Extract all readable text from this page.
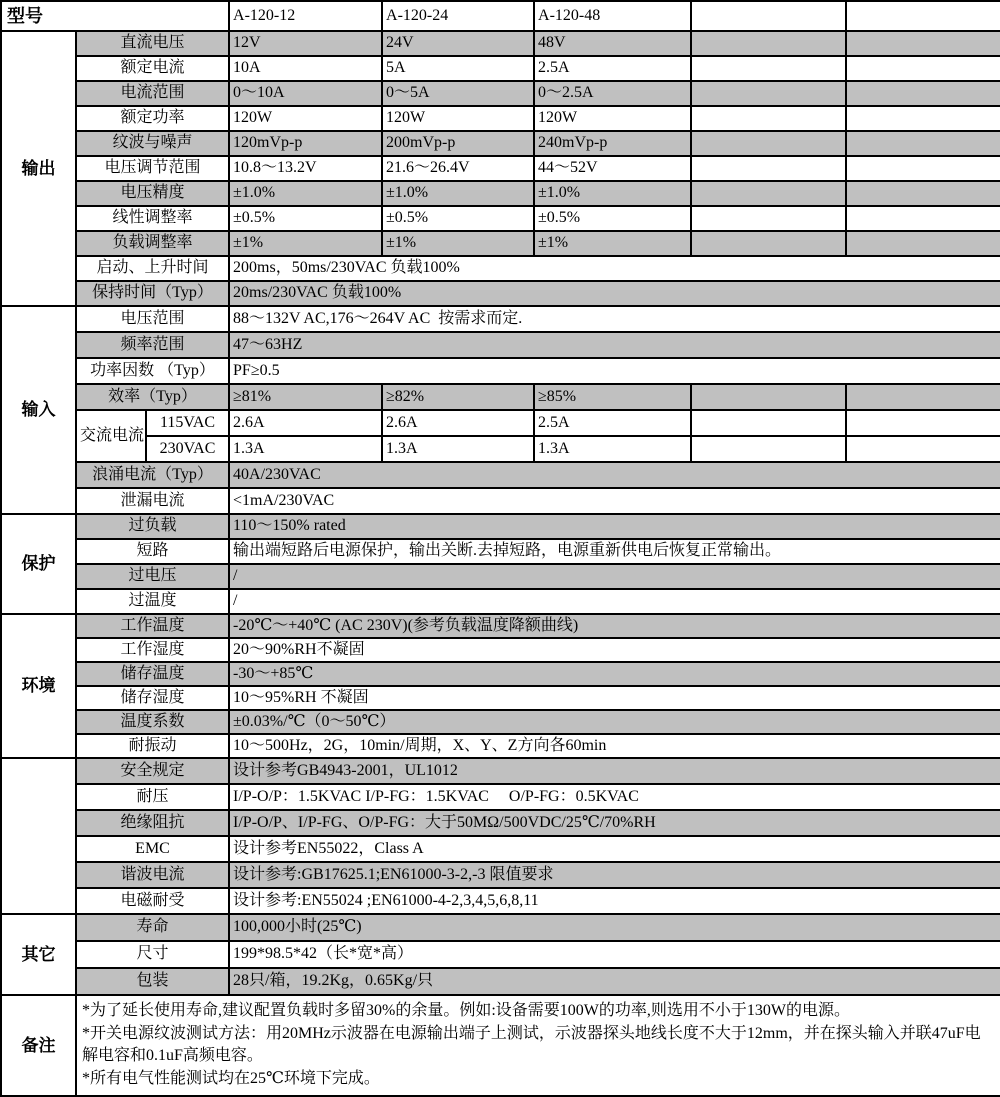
型号			A-120-12	A-120-24	A-120-48		
输出	直流电压		12V	24V	48V		
	额定电流		10A	5A	2.5A		
	电流范围		0～10A	0～5A	0～2.5A		
	额定功率		120W	120W	120W		
	纹波与噪声		120mVp-p	200mVp-p	240mVp-p		
	电压调节范围		10.8～13.2V	21.6～26.4V	44～52V		
	电压精度		±1.0%	±1.0%	±1.0%		
	线性调整率		±0.5%	±0.5%	±0.5%		
	负载调整率		±1%	±1%	±1%		
	启动、上升时间		200ms，50ms/230VAC 负载100%				
	保持时间（Typ）		20ms/230VAC 负载100%				
输入	电压范围		88～132V AC,176～264V AC  按需求而定.				
	频率范围		47～63HZ				
	功率因数 （Typ）		PF≥0.5				
	效率（Typ）		≥81%	≥82%	≥85%		
	交流电流	115VAC	2.6A	2.6A	2.5A		
		230VAC	1.3A	1.3A	1.3A		
	浪涌电流（Typ）		40A/230VAC				
	泄漏电流		<1mA/230VAC				
保护	过负载		110～150% rated				
	短路		输出端短路后电源保护，输出关断.去掉短路，电源重新供电后恢复正常输出。				
	过电压		/				
	过温度		/				
环境	工作温度		-20℃～+40℃ (AC 230V)(参考负载温度降额曲线)				
	工作湿度		20～90%RH不凝固				
	储存温度		-30～+85℃				
	储存湿度		10～95%RH 不凝固				
	温度系数		±0.03%/℃（0～50℃）				
	耐振动		10～500Hz，2G，10min/周期，X、Y、Z方向各60min				
	安全规定		设计参考GB4943-2001，UL1012				
	耐压		I/P-O/P：1.5KVAC I/P-FG：1.5KVAC     O/P-FG：0.5KVAC				
	绝缘阻抗		I/P-O/P、I/P-FG、O/P-FG：大于50MΩ/500VDC/25℃/70%RH				
	EMC		设计参考EN55022，Class A				
	谐波电流		设计参考:GB17625.1;EN61000-3-2,-3 限值要求				
	电磁耐受		设计参考:EN55024 ;EN61000-4-2,3,4,5,6,8,11				
其它	寿命		100,000小时(25℃)				
	尺寸		199*98.5*42（长*宽*高）				
	包装		28只/箱，19.2Kg，0.65Kg/只				
备注	*为了延长使用寿命,建议配置负载时多留30%的余量。例如:设备需要100W的功率,则选用不小于130W的电源。
*开关电源纹波测试方法：用20MHz示波器在电源输出端子上测试，示波器探头地线长度不大于12mm，并在探头输入并联47uF电解电容和0.1uF高频电容。
*所有电气性能测试均在25℃环境下完成。						
